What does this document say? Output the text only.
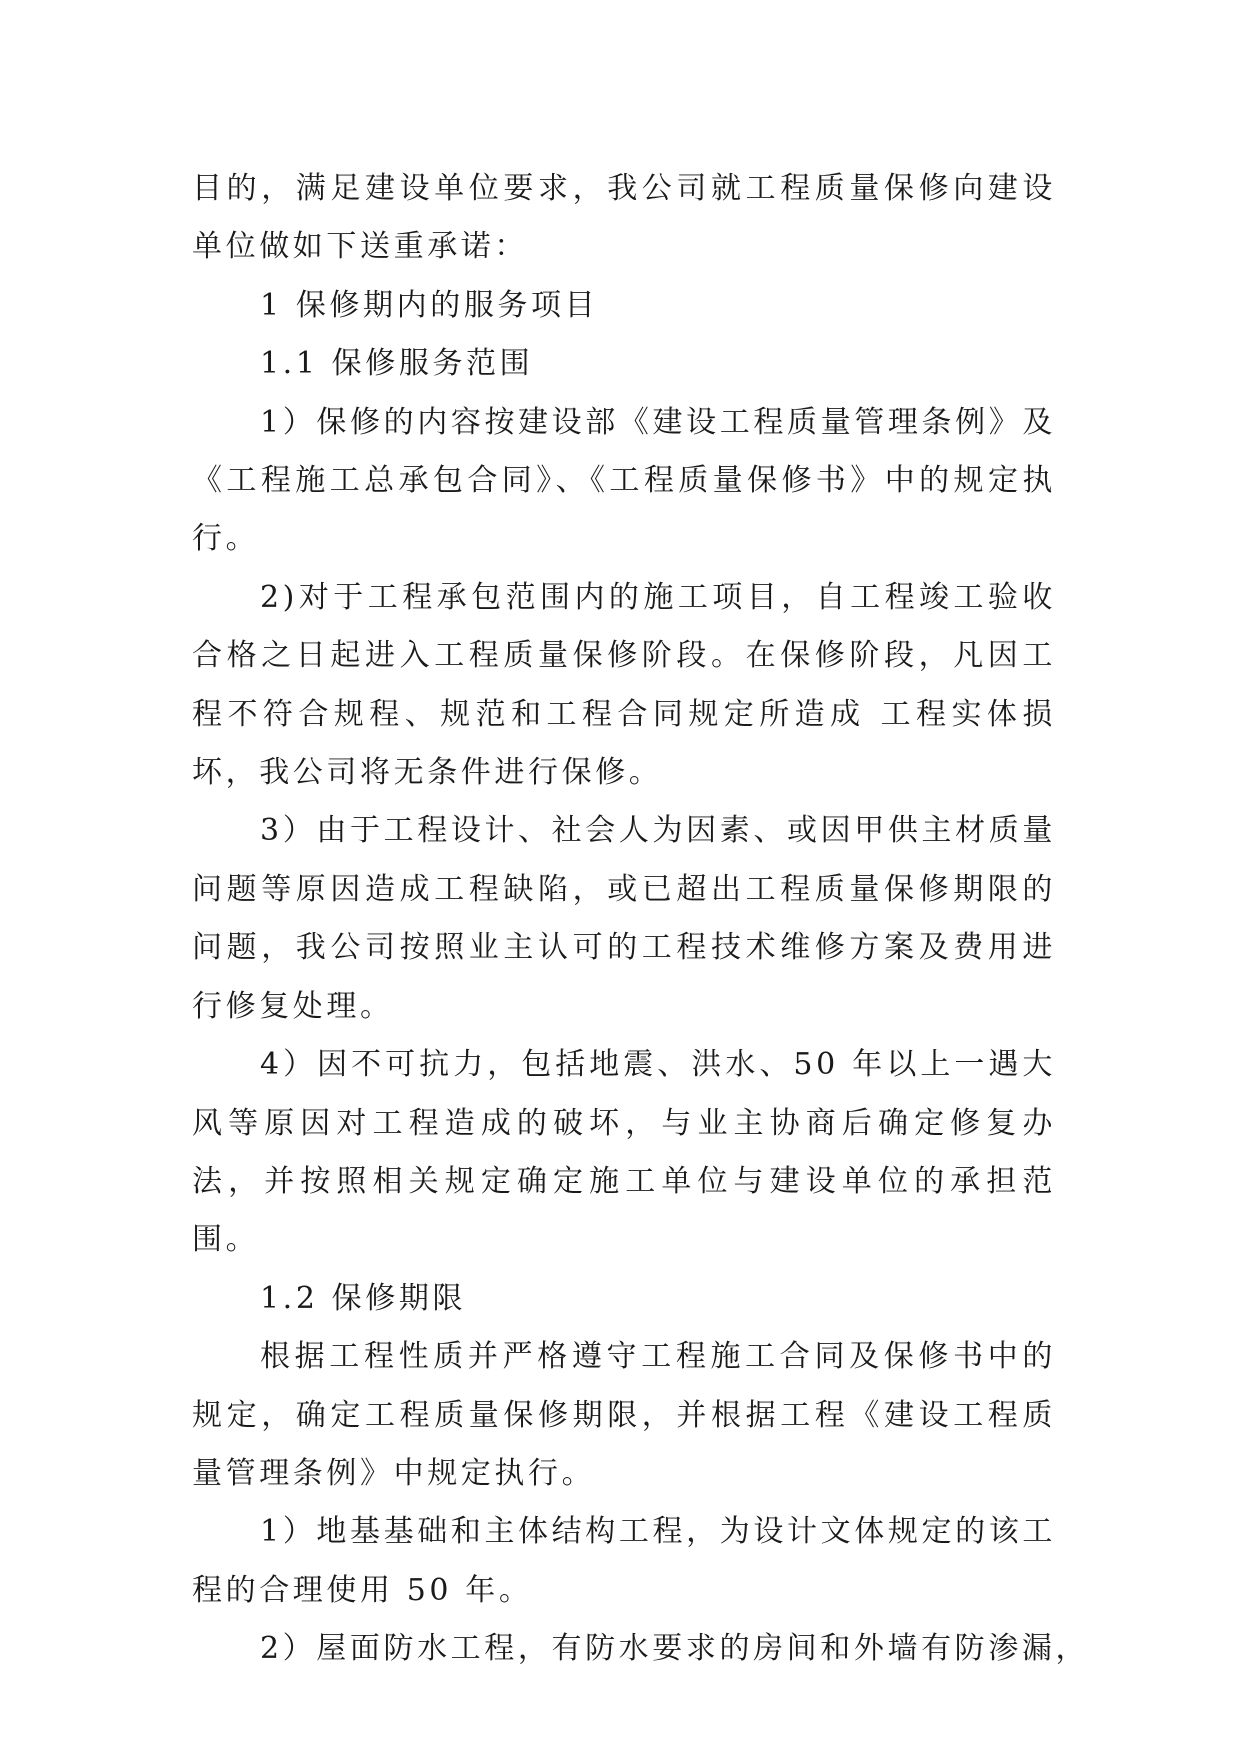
目的，满足建设单位要求，我公司就工程质量保修向建设单位做如下送重承诺：

1 保修期内的服务项目

1.1 保修服务范围

1）保修的内容按建设部《建设工程质量管理条例》及《工程施工总承包合同》、《工程质量保修书》中的规定执行。

2)对于工程承包范围内的施工项目，自工程竣工验收合格之日起进入工程质量保修阶段。在保修阶段，凡因工程不符合规程、规范和工程合同规定所造成 工程实体损坏，我公司将无条件进行保修。

3）由于工程设计、社会人为因素、或因甲供主材质量问题等原因造成工程缺陷，或已超出工程质量保修期限的问题，我公司按照业主认可的工程技术维修方案及费用进行修复处理。

4）因不可抗力，包括地震、洪水、50 年以上一遇大风等原因对工程造成的破坏，与业主协商后确定修复办法，并按照相关规定确定施工单位与建设单位的承担范围。

1.2 保修期限

根据工程性质并严格遵守工程施工合同及保修书中的规定，确定工程质量保修期限，并根据工程《建设工程质量管理条例》中规定执行。

1）地基基础和主体结构工程，为设计文体规定的该工程的合理使用 50 年。

2）屋面防水工程，有防水要求的房间和外墙有防渗漏，
